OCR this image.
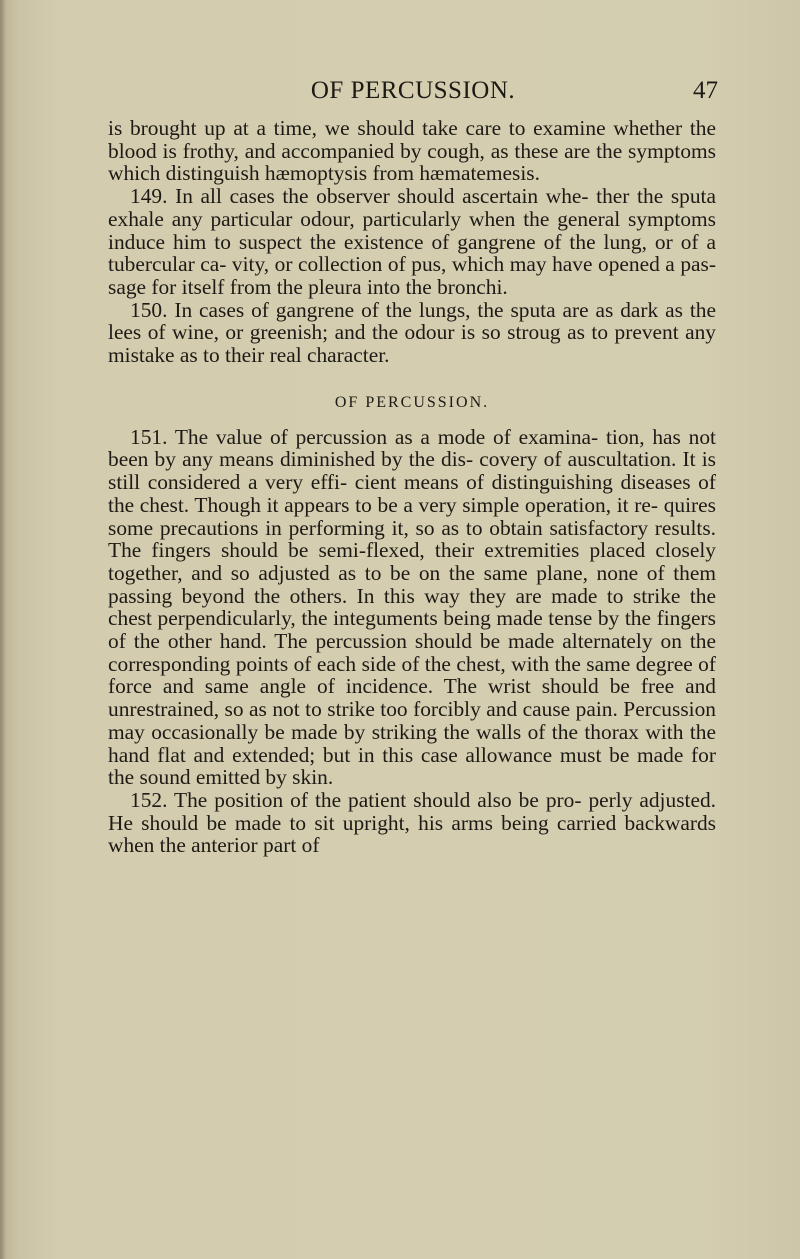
OF PERCUSSION.	47

is brought up at a time, we should take care to examine whether the blood is frothy, and accompanied by cough, as these are the symptoms which distinguish hæmoptysis from hæmatemesis.

149. In all cases the observer should ascertain whe- ther the sputa exhale any particular odour, particularly when the general symptoms induce him to suspect the existence of gangrene of the lung, or of a tubercular ca- vity, or collection of pus, which may have opened a pas- sage for itself from the pleura into the bronchi.

150. In cases of gangrene of the lungs, the sputa are as dark as the lees of wine, or greenish; and the odour is so stroug as to prevent any mistake as to their real character.

OF PERCUSSION.

151. The value of percussion as a mode of examina- tion, has not been by any means diminished by the dis- covery of auscultation. It is still considered a very effi- cient means of distinguishing diseases of the chest. Though it appears to be a very simple operation, it re- quires some precautions in performing it, so as to obtain satisfactory results. The fingers should be semi-flexed, their extremities placed closely together, and so adjusted as to be on the same plane, none of them passing beyond the others. In this way they are made to strike the chest perpendicularly, the integuments being made tense by the fingers of the other hand. The percussion should be made alternately on the corresponding points of each side of the chest, with the same degree of force and same angle of incidence. The wrist should be free and unrestrained, so as not to strike too forcibly and cause pain. Percussion may occasionally be made by striking the walls of the thorax with the hand flat and extended; but in this case allowance must be made for the sound emitted by skin.

152. The position of the patient should also be pro- perly adjusted. He should be made to sit upright, his arms being carried backwards when the anterior part of
